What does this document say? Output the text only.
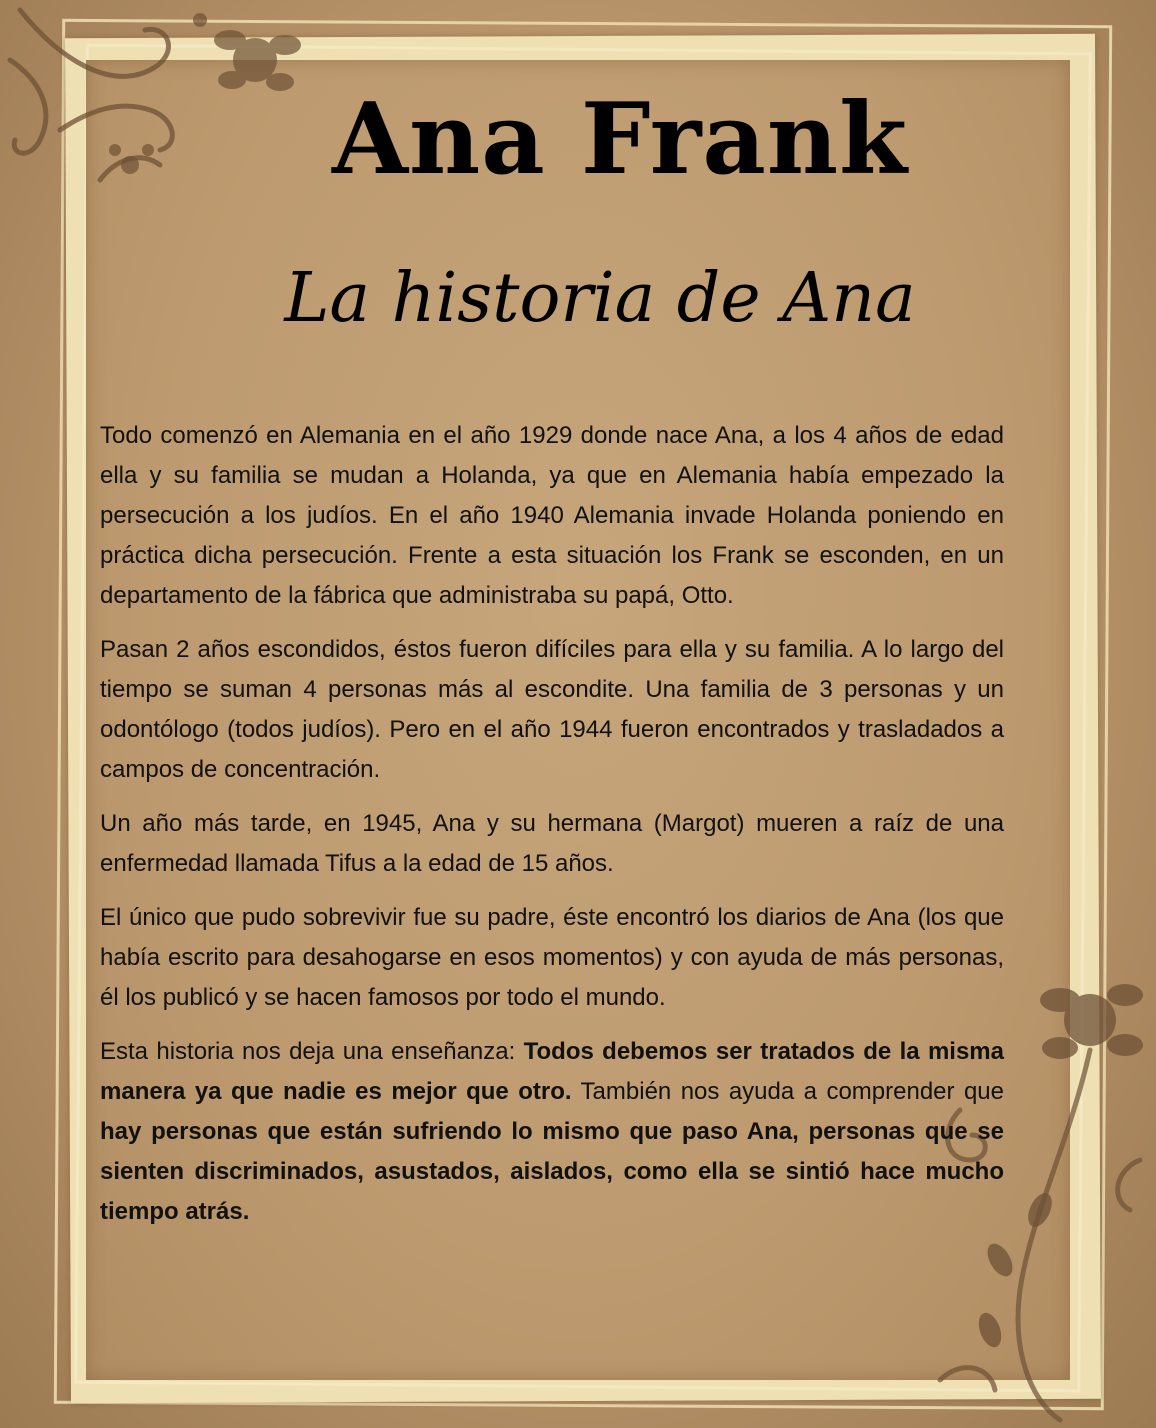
Ana Frank
La historia de Ana

Todo comenzó en Alemania en el año 1929 donde nace Ana, a los 4 años de edad ella y su familia se mudan a Holanda, ya que en Alemania había empezado la persecución a los judíos. En el año 1940 Alemania invade Holanda poniendo en práctica dicha persecución. Frente a esta situación los Frank se esconden, en un departamento de la fábrica que administraba su papá, Otto.

Pasan 2 años escondidos, éstos fueron difíciles para ella y su familia. A lo largo del tiempo se suman 4 personas más al escondite. Una familia de 3 personas y un odontólogo (todos judíos). Pero en el año 1944 fueron encontrados y trasladados a campos de concentración.

Un año más tarde, en 1945, Ana y su hermana (Margot) mueren a raíz de una enfermedad llamada Tifus a la edad de 15 años.

El único que pudo sobrevivir fue su padre, éste encontró los diarios de Ana (los que había escrito para desahogarse en esos momentos) y con ayuda de más personas, él los publicó y se hacen famosos por todo el mundo.

Esta historia nos deja una enseñanza: Todos debemos ser tratados de la misma manera ya que nadie es mejor que otro. También nos ayuda a comprender que hay personas que están sufriendo lo mismo que paso Ana, personas que se sienten discriminados, asustados, aislados, como ella se sintió hace mucho tiempo atrás.
